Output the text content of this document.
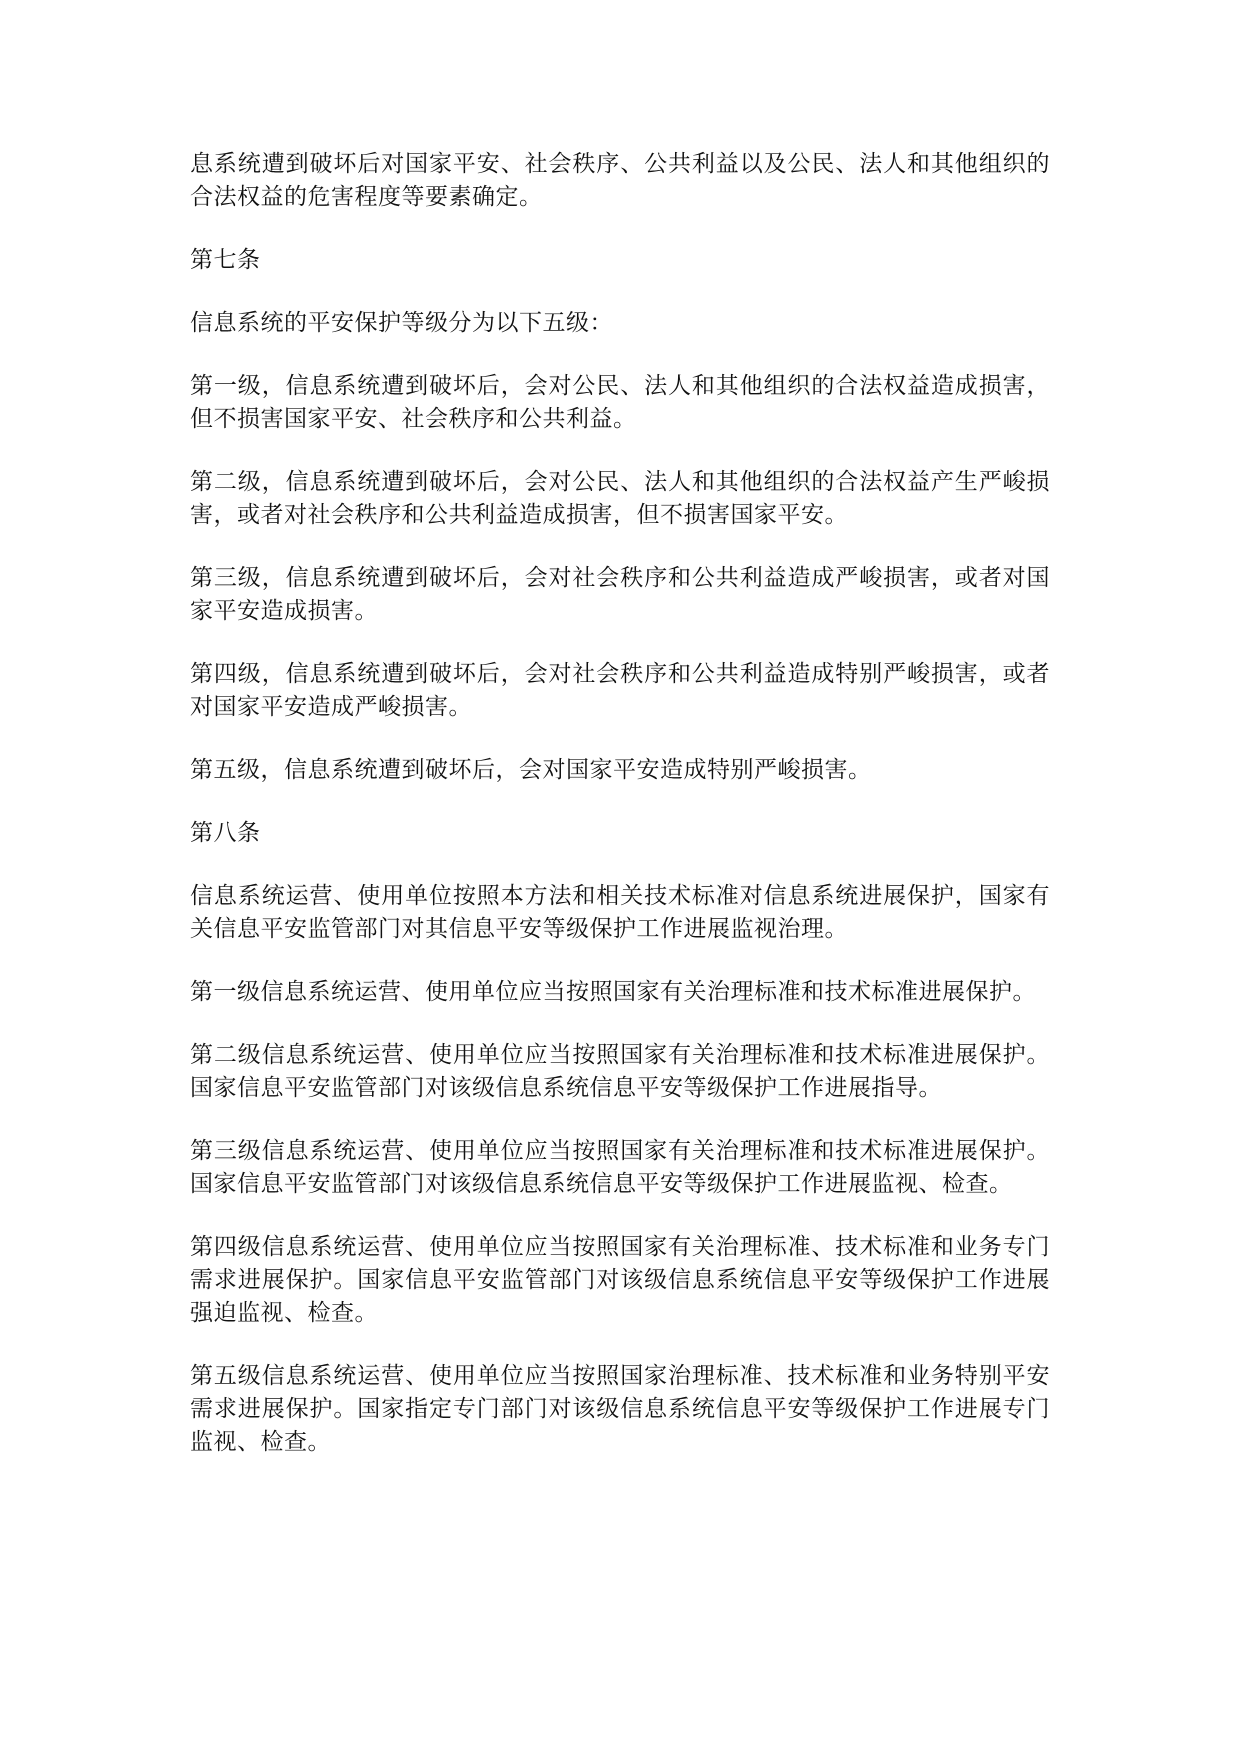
息系统遭到破坏后对国家平安、社会秩序、公共利益以及公民、法人和其他组织的合法权益的危害程度等要素确定。

第七条

信息系统的平安保护等级分为以下五级：

第一级，信息系统遭到破坏后，会对公民、法人和其他组织的合法权益造成损害，但不损害国家平安、社会秩序和公共利益。

第二级，信息系统遭到破坏后，会对公民、法人和其他组织的合法权益产生严峻损害，或者对社会秩序和公共利益造成损害，但不损害国家平安。

第三级，信息系统遭到破坏后，会对社会秩序和公共利益造成严峻损害，或者对国家平安造成损害。

第四级，信息系统遭到破坏后，会对社会秩序和公共利益造成特别严峻损害，或者对国家平安造成严峻损害。

第五级，信息系统遭到破坏后，会对国家平安造成特别严峻损害。

第八条

信息系统运营、使用单位按照本方法和相关技术标准对信息系统进展保护，国家有关信息平安监管部门对其信息平安等级保护工作进展监视治理。

第一级信息系统运营、使用单位应当按照国家有关治理标准和技术标准进展保护。

第二级信息系统运营、使用单位应当按照国家有关治理标准和技术标准进展保护。国家信息平安监管部门对该级信息系统信息平安等级保护工作进展指导。

第三级信息系统运营、使用单位应当按照国家有关治理标准和技术标准进展保护。国家信息平安监管部门对该级信息系统信息平安等级保护工作进展监视、检查。

第四级信息系统运营、使用单位应当按照国家有关治理标准、技术标准和业务专门需求进展保护。国家信息平安监管部门对该级信息系统信息平安等级保护工作进展强迫监视、检查。

第五级信息系统运营、使用单位应当按照国家治理标准、技术标准和业务特别平安需求进展保护。国家指定专门部门对该级信息系统信息平安等级保护工作进展专门监视、检查。
